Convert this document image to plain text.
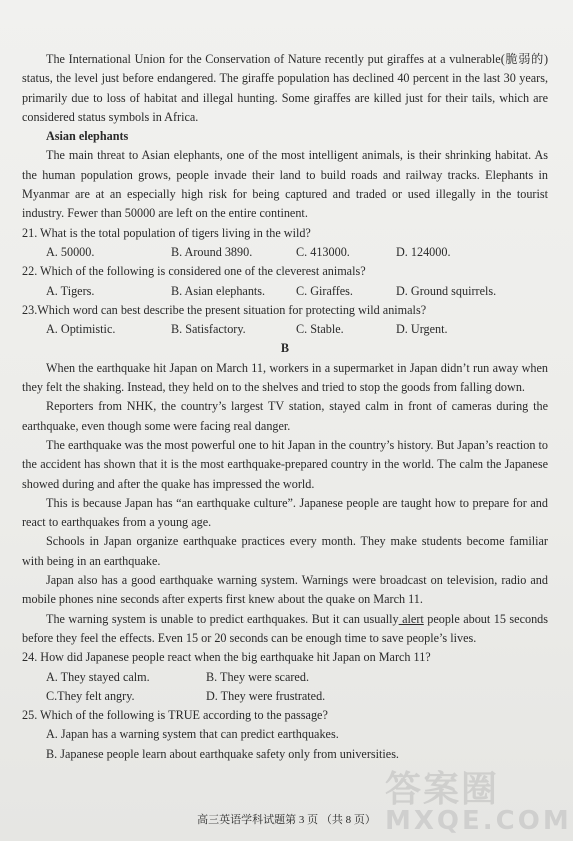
The International Union for the Conservation of Nature recently put giraffes at a vulnerable(脆弱的) status, the level just before endangered. The giraffe population has declined 40 percent in the last 30 years, primarily due to loss of habitat and illegal hunting. Some giraffes are killed just for their tails, which are considered status symbols in Africa.

Asian elephants

The main threat to Asian elephants, one of the most intelligent animals, is their shrinking habitat. As the human population grows, people invade their land to build roads and railway tracks. Elephants in Myanmar are at an especially high risk for being captured and traded or used illegally in the tourist industry. Fewer than 50000 are left on the entire continent.

21. What is the total population of tigers living in the wild?

A. 50000.	B. Around 3890.	C. 413000.	D. 124000.

22. Which of the following is considered one of the cleverest animals?

A. Tigers.	B. Asian elephants.	C. Giraffes.	D. Ground squirrels.

23.Which word can best describe the present situation for protecting wild animals?

A. Optimistic.	B. Satisfactory.	C. Stable.	D. Urgent.

B

When the earthquake hit Japan on March 11, workers in a supermarket in Japan didn’t run away when they felt the shaking. Instead, they held on to the shelves and tried to stop the goods from falling down.

Reporters from NHK, the country’s largest TV station, stayed calm in front of cameras during the earthquake, even though some were facing real danger.

The earthquake was the most powerful one to hit Japan in the country’s history. But Japan’s reaction to the accident has shown that it is the most earthquake-prepared country in the world. The calm the Japanese showed during and after the quake has impressed the world.

This is because Japan has “an earthquake culture”. Japanese people are taught how to prepare for and react to earthquakes from a young age.

Schools in Japan organize earthquake practices every month. They make students become familiar with being in an earthquake.

Japan also has a good earthquake warning system. Warnings were broadcast on television, radio and mobile phones nine seconds after experts first knew about the quake on March 11.

The warning system is unable to predict earthquakes. But it can usually alert people about 15 seconds before they feel the effects. Even 15 or 20 seconds can be enough time to save people’s lives.

24. How did Japanese people react when the big earthquake hit Japan on March 11?

A. They stayed calm.	B. They were scared.
C.They felt angry.	D. They were frustrated.

25. Which of the following is TRUE according to the passage?

A. Japan has a warning system that can predict earthquakes.

B. Japanese people learn about earthquake safety only from universities.

高三英语学科试题第 3 页 （共 8 页）
答案圈
MXQE.COM
